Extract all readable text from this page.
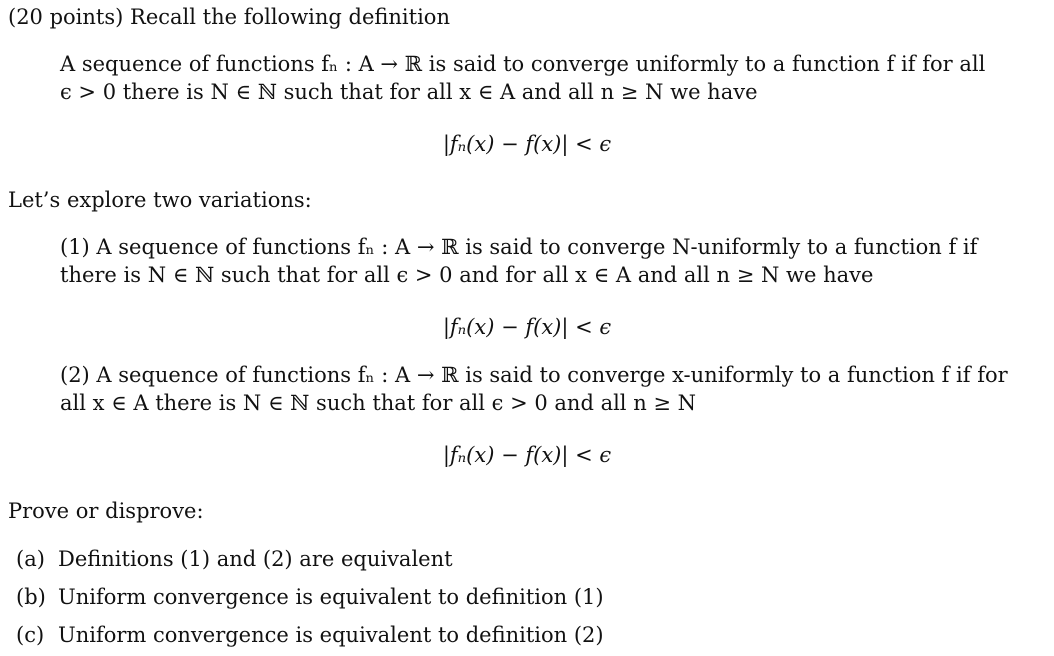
(20 points) Recall the following definition
A sequence of functions fₙ : A → ℝ is said to converge uniformly to a function f if for all
ϵ > 0 there is N ∈ ℕ such that for all x ∈ A and all n ≥ N we have
|fₙ(x) − f(x)| < ϵ
Let’s explore two variations:
(1) A sequence of functions fₙ : A → ℝ is said to converge N-uniformly to a function f if
there is N ∈ ℕ such that for all ϵ > 0 and for all x ∈ A and all n ≥ N we have
|fₙ(x) − f(x)| < ϵ
(2) A sequence of functions fₙ : A → ℝ is said to converge x-uniformly to a function f if for
all x ∈ A there is N ∈ ℕ such that for all ϵ > 0 and all n ≥ N
|fₙ(x) − f(x)| < ϵ
Prove or disprove:
(a) Definitions (1) and (2) are equivalent
(b) Uniform convergence is equivalent to definition (1)
(c) Uniform convergence is equivalent to definition (2)
